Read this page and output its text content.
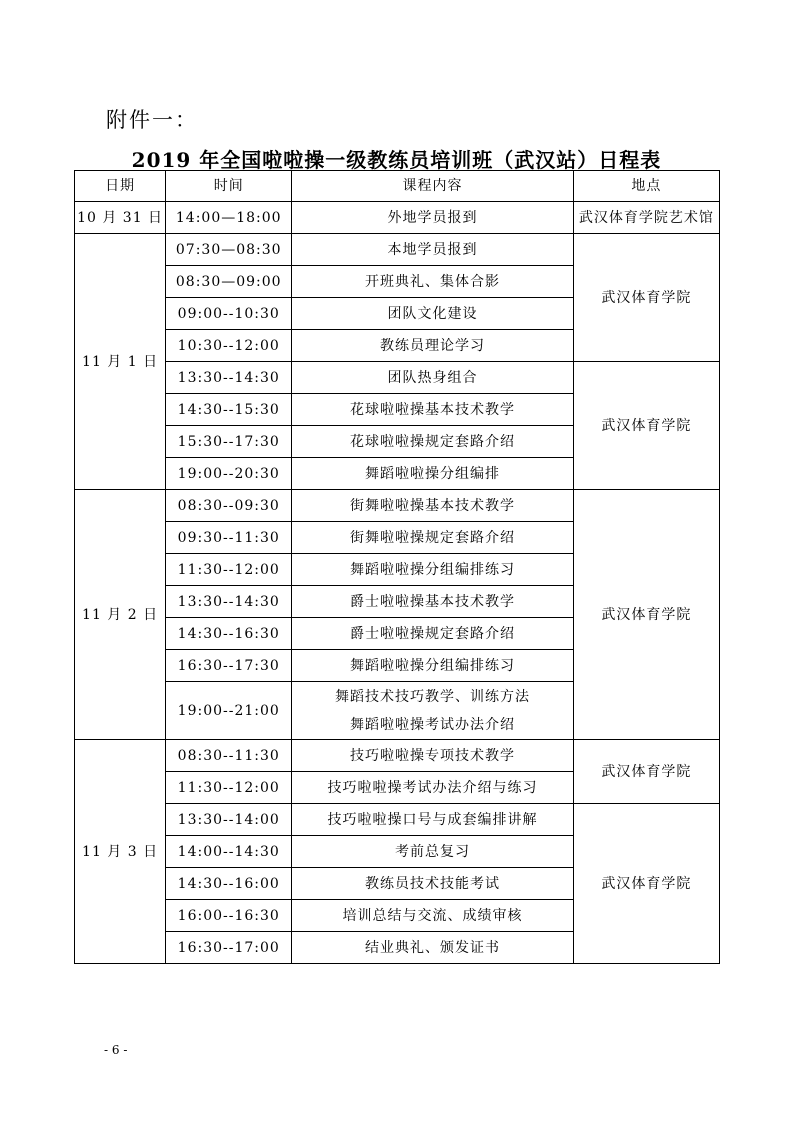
附件一：
2019 年全国啦啦操一级教练员培训班（武汉站）日程表
日期	时间	课程内容	地点
10 月 31 日	14:00—18:00	外地学员报到	武汉体育学院艺术馆
11 月 1 日	07:30—08:30	本地学员报到	武汉体育学院
	08:30—09:00	开班典礼、集体合影	

	09:00--10:30	团队文化建设	

	10:30--12:00	教练员理论学习	

	13:30--14:30	团队热身组合	武汉体育学院
	14:30--15:30	花球啦啦操基本技术教学	

	15:30--17:30	花球啦啦操规定套路介绍	

	19:00--20:30	舞蹈啦啦操分组编排	

11 月 2 日	08:30--09:30	街舞啦啦操基本技术教学	武汉体育学院
	09:30--11:30	街舞啦啦操规定套路介绍	

	11:30--12:00	舞蹈啦啦操分组编排练习	

	13:30--14:30	爵士啦啦操基本技术教学	

	14:30--16:30	爵士啦啦操规定套路介绍	

	16:30--17:30	舞蹈啦啦操分组编排练习	

	19:00--21:00	舞蹈技术技巧教学、训练方法
舞蹈啦啦操考试办法介绍	

11 月 3 日	08:30--11:30	技巧啦啦操专项技术教学	武汉体育学院
	11:30--12:00	技巧啦啦操考试办法介绍与练习	

	13:30--14:00	技巧啦啦操口号与成套编排讲解	武汉体育学院
	14:00--14:30	考前总复习	

	14:30--16:00	教练员技术技能考试	

	16:00--16:30	培训总结与交流、成绩审核	

	16:30--17:00	结业典礼、颁发证书	
- 6 -
